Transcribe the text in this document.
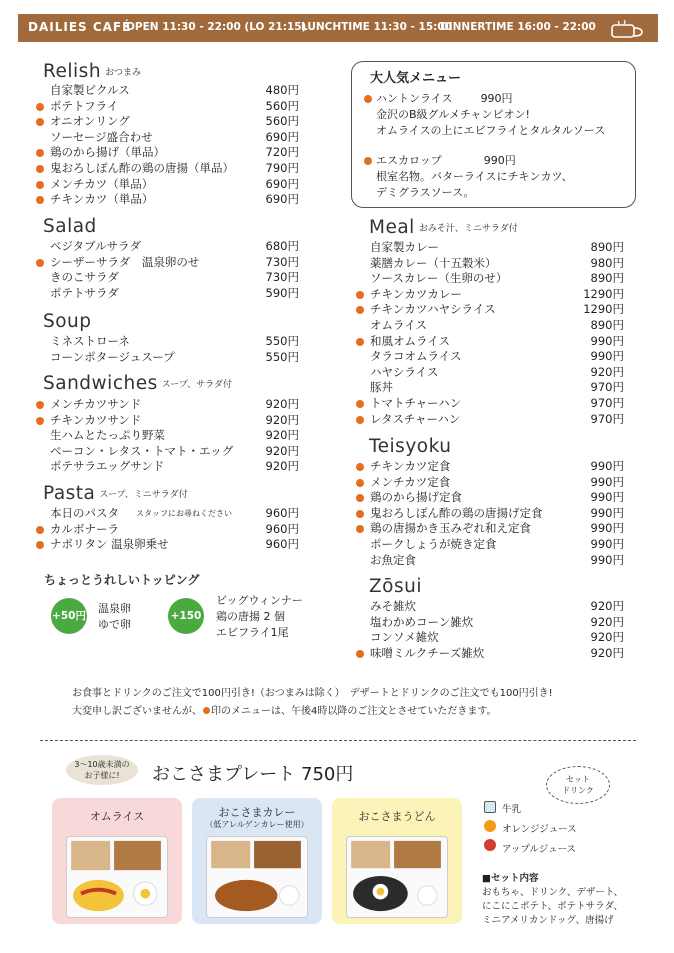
DAILIES CAFÉ
OPEN 11:30 - 22:00 (LO 21:15)
LUNCHTIME 11:30 - 15:00
DINNERTIME 16:00 - 22:00
Relish おつまみ
自家製ピクルス	480円
ポテトフライ	560円
オニオンリング	560円
ソーセージ盛合わせ	690円
鶏のから揚げ（単品）	720円
鬼おろしぽん酢の鶏の唐揚（単品）	790円
メンチカツ（単品）	690円
チキンカツ（単品）	690円
Salad
ベジタブルサラダ	680円
シーザーサラダ　温泉卵のせ	730円
きのこサラダ	730円
ポテトサラダ	590円
Soup
ミネストローネ	550円
コーンポタージュスープ	550円
Sandwiches スープ、サラダ付
メンチカツサンド	920円
チキンカツサンド	920円
生ハムとたっぷり野菜	920円
ベーコン・レタス・トマト・エッグ	920円
ポテサラエッグサンド	920円
Pasta スープ、ミニサラダ付
本日のパスタ スタッフにお尋ねください	960円
カルボナーラ	960円
ナポリタン 温泉卵乗せ	960円
ちょっとうれしいトッピング
+50円
温泉卵
ゆで卵
+150円
ビッグウィンナー
鶏の唐揚 2 個
エビフライ1尾
大人気メニュー
ハントンライス	990円
金沢のB級グルメチャンピオン!
オムライスの上にエビフライとタルタルソース
エスカロップ	990円
根室名物。バターライスにチキンカツ、
デミグラスソース。
Meal おみそ汁、ミニサラダ付
自家製カレー	890円
薬膳カレー（十五穀米）	980円
ソースカレー（生卵のせ）	890円
チキンカツカレー	1290円
チキンカツハヤシライス	1290円
オムライス	890円
和風オムライス	990円
タラコオムライス	990円
ハヤシライス	920円
豚丼	970円
トマトチャーハン	970円
レタスチャーハン	970円
Teisyoku
チキンカツ定食	990円
メンチカツ定食	990円
鶏のから揚げ定食	990円
鬼おろしぽん酢の鶏の唐揚げ定食	990円
鶏の唐揚かき玉みぞれ和え定食	990円
ポークしょうが焼き定食	990円
お魚定食	990円
Zōsui
みそ雑炊	920円
塩わかめコーン雑炊	920円
コンソメ雑炊	920円
味噌ミルクチーズ雑炊	920円
お食事とドリンクのご注文で100円引き!（おつまみは除く）　デザートとドリンクのご注文でも100円引き!
大変申し訳ございませんが、 印のメニューは、午後4時以降のご注文とさせていただきます。
3～10歳未満の
お子様に!	おこさまプレート 750円
オムライス	おこさまカレー
（低アレルゲンカレー使用）
おこさまうどん
セット
ドリンク
牛乳
オレンジジュース
アップルジュース
■セット内容
おもちゃ、ドリンク、デザート、
にこにこポテト、ポテトサラダ、
ミニアメリカンドッグ、唐揚げ
